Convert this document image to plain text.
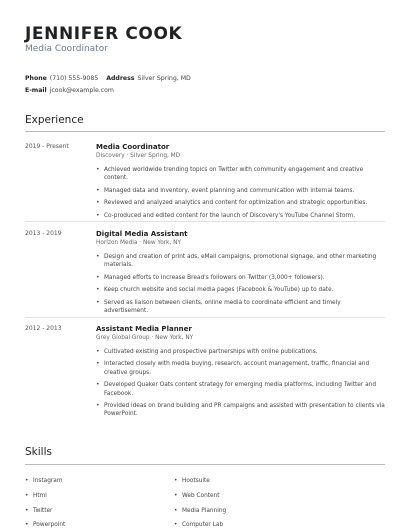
JENNIFER COOK
Media Coordinator
Phone (710) 555-9085 Address Silver Spring, MD
E-mail jcook@example.com
Experience
2019 - Present	Media Coordinator
Discovery · Silver Spring, MD
• Achieved worldwide trending topics on Twitter with community engagement and creative content.
• Managed data and inventory, event planning and communication with internal teams.
• Reviewed and analyzed analytics and content for optimization and strategic opportunities.
• Co-produced and edited content for the launch of Discovery's YouTube Channel Storm.
2013 - 2019	Digital Media Assistant
Horizon Media · New York, NY
• Design and creation of print ads, eMail campaigns, promotional signage, and other marketing materials.
• Managed efforts to increase Bread's followers on Twitter (3,000+ followers).
• Keep church website and social media pages (Facebook & YouTube) up to date.
• Served as liaison between clients, online media to coordinate efficient and timely advertisement.
2012 - 2013	Assistant Media Planner
Grey Global Group · New York, NY
• Cultivated existing and prospective partnerships with online publications.
• Interacted closely with media buying, research, account management, traffic, financial and creative groups.
• Developed Quaker Oats content strategy for emerging media platforms, including Twitter and Facebook.
• Provided ideas on brand building and PR campaigns and assisted with presentation to clients via PowerPoint.
Skills
• Instagram
• Html
• Twitter
• Powerpoint
• Hootsuite
• Web Content
• Media Planning
• Computer Lab
